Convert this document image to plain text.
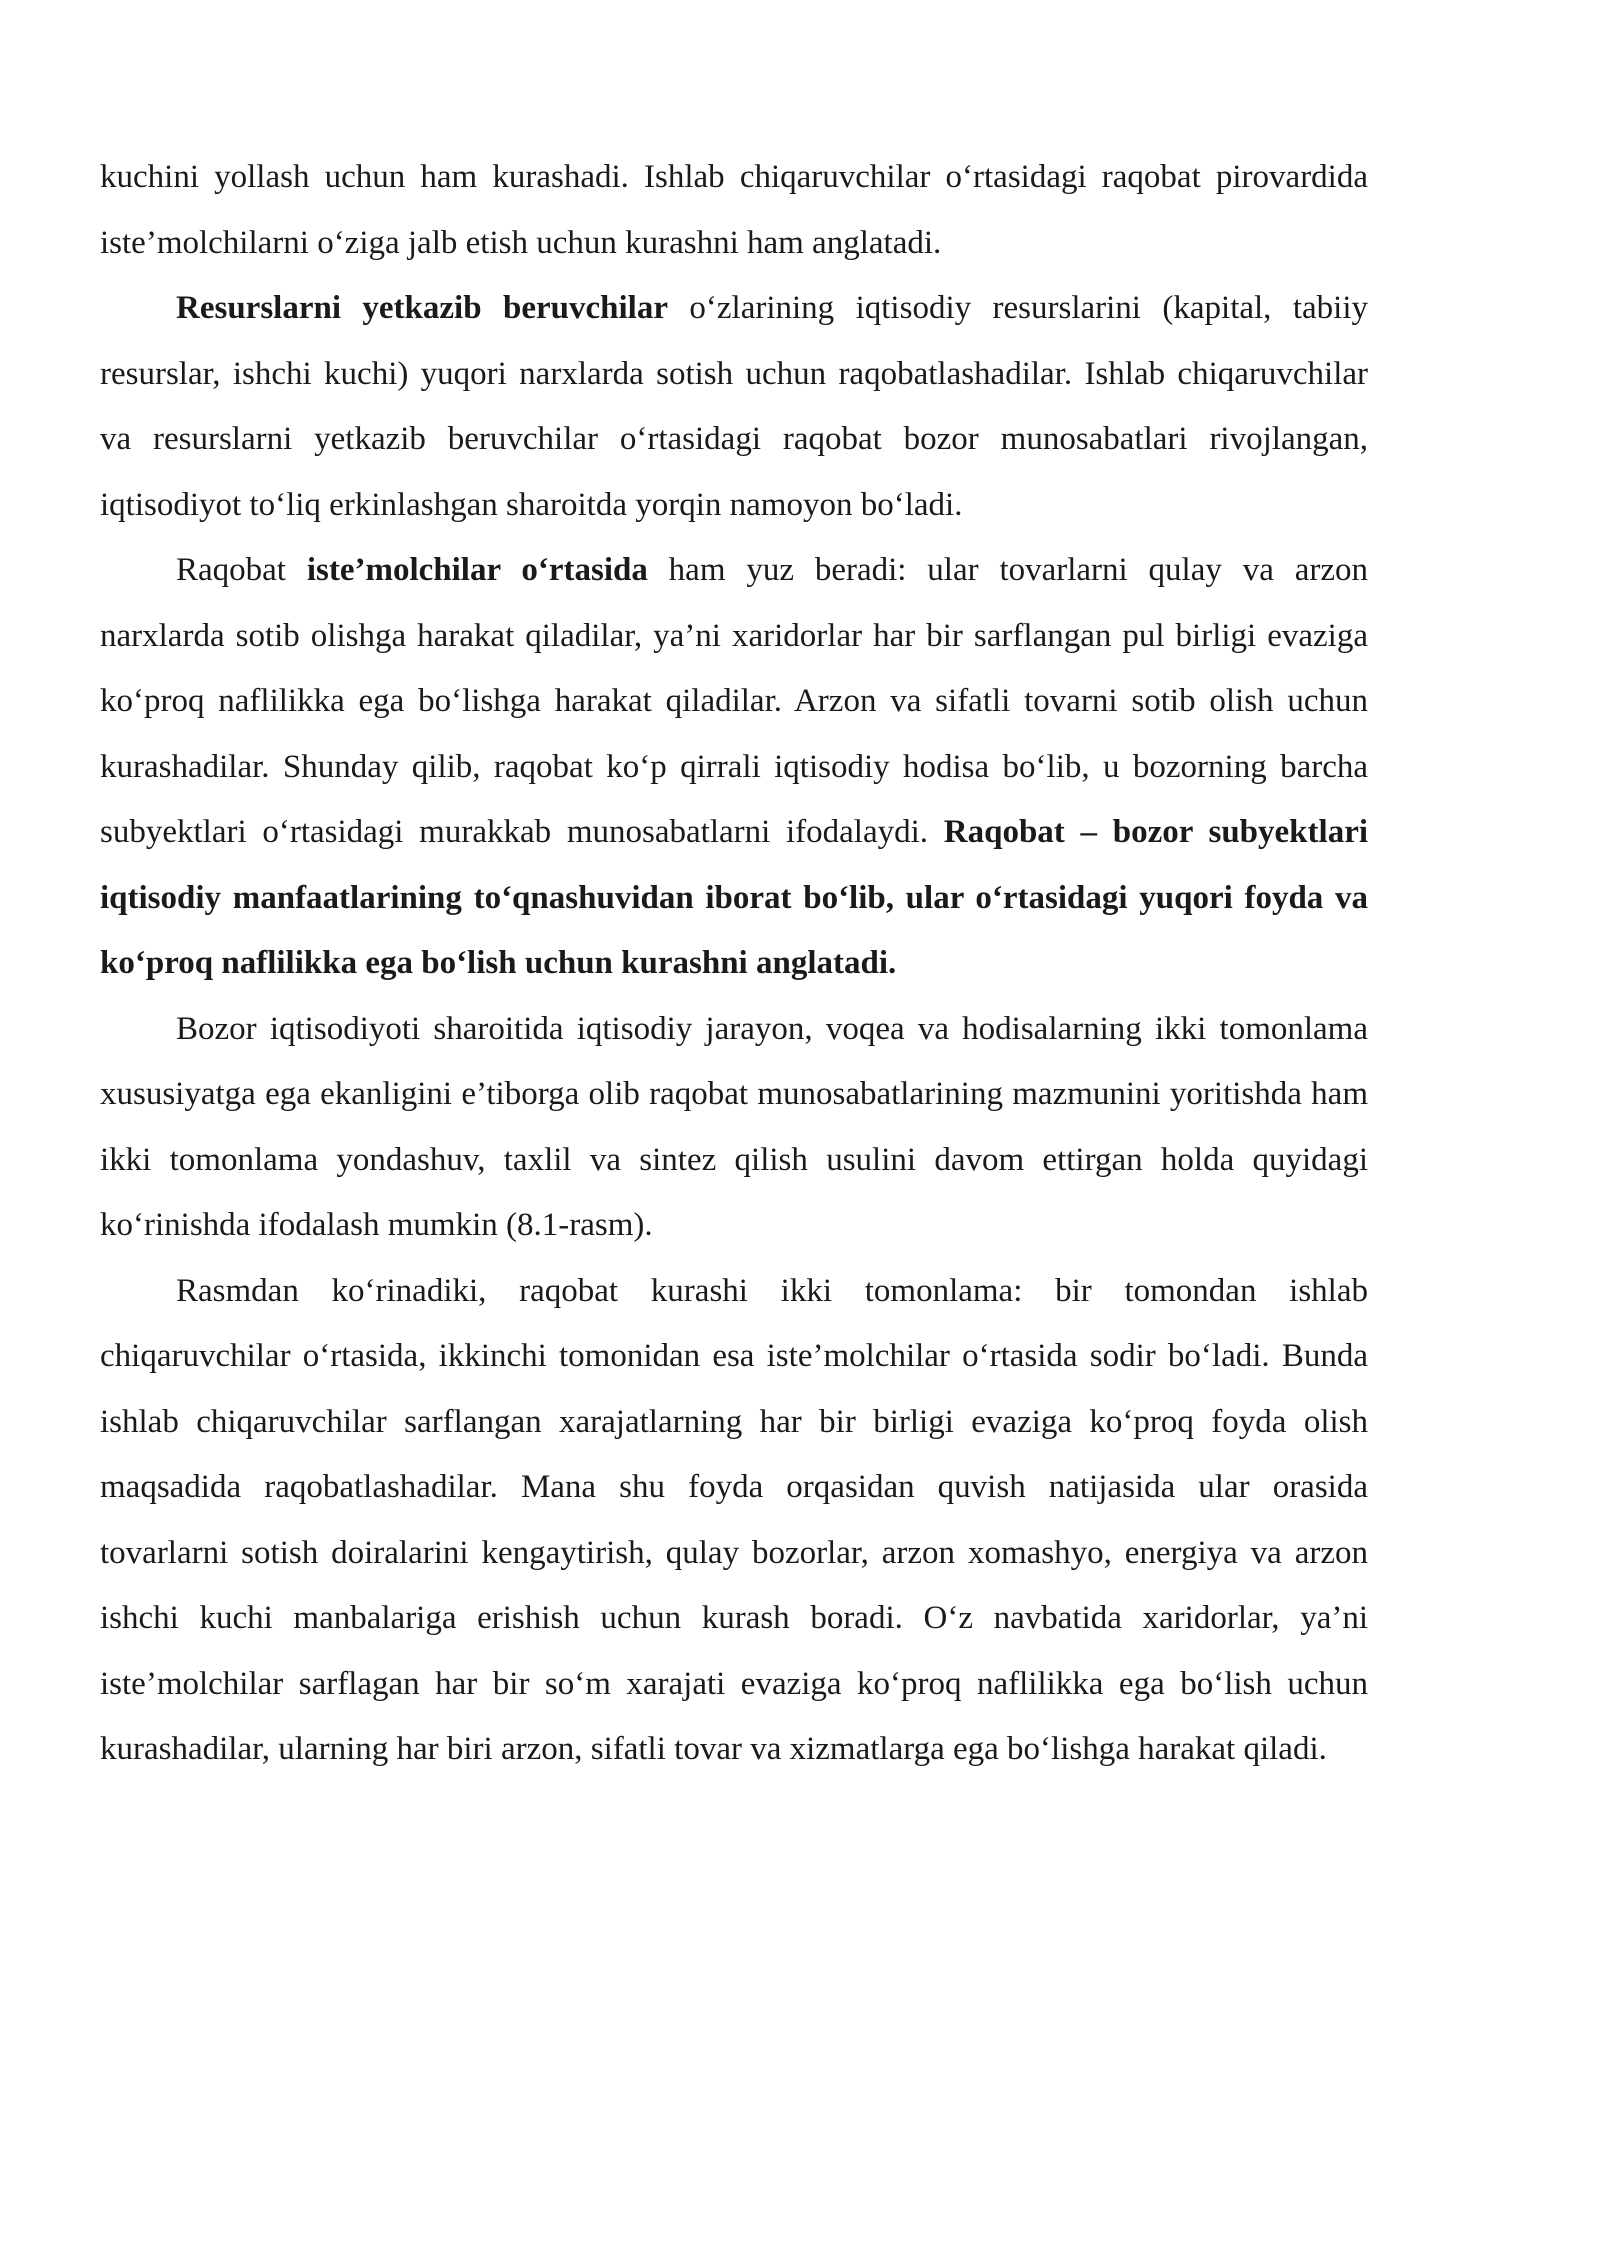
kuchini yollash uchun ham kurashadi. Ishlab chiqaruvchilar o‘rtasidagi raqobat pirovardida iste’molchilarni o‘ziga jalb etish uchun kurashni ham anglatadi.

Resurslarni yetkazib beruvchilar o‘zlarining iqtisodiy resurslarini (kapital, tabiiy resurslar, ishchi kuchi) yuqori narxlarda sotish uchun raqobatlashadilar. Ishlab chiqaruvchilar va resurslarni yetkazib beruvchilar o‘rtasidagi raqobat bozor munosabatlari rivojlangan, iqtisodiyot to‘liq erkinlashgan sharoitda yorqin namoyon bo‘ladi.

Raqobat iste’molchilar o‘rtasida ham yuz beradi: ular tovarlarni qulay va arzon narxlarda sotib olishga harakat qiladilar, ya’ni xaridorlar har bir sarflangan pul birligi evaziga ko‘proq naflilikka ega bo‘lishga harakat qiladilar. Arzon va sifatli tovarni sotib olish uchun kurashadilar. Shunday qilib, raqobat ko‘p qirrali iqtisodiy hodisa bo‘lib, u bozorning barcha subyektlari o‘rtasidagi murakkab munosabatlarni ifodalaydi. Raqobat – bozor subyektlari iqtisodiy manfaatlarining to‘qnashuvidan iborat bo‘lib, ular o‘rtasidagi yuqori foyda va ko‘proq naflilikka ega bo‘lish uchun kurashni anglatadi.

Bozor iqtisodiyoti sharoitida iqtisodiy jarayon, voqea va hodisalarning ikki tomonlama xususiyatga ega ekanligini e’tiborga olib raqobat munosabatlarining mazmunini yoritishda ham ikki tomonlama yondashuv, taxlil va sintez qilish usulini davom ettirgan holda quyidagi ko‘rinishda ifodalash mumkin (8.1-rasm).

Rasmdan ko‘rinadiki, raqobat kurashi ikki tomonlama: bir tomondan ishlab chiqaruvchilar o‘rtasida, ikkinchi tomonidan esa iste’molchilar o‘rtasida sodir bo‘ladi. Bunda ishlab chiqaruvchilar sarflangan xarajatlarning har bir birligi evaziga ko‘proq foyda olish maqsadida raqobatlashadilar. Mana shu foyda orqasidan quvish natijasida ular orasida tovarlarni sotish doiralarini kengaytirish, qulay bozorlar, arzon xomashyo, energiya va arzon ishchi kuchi manbalariga erishish uchun kurash boradi. O‘z navbatida xaridorlar, ya’ni iste’molchilar sarflagan har bir so‘m xarajati evaziga ko‘proq naflilikka ega bo‘lish uchun kurashadilar, ularning har biri arzon, sifatli tovar va xizmatlarga ega bo‘lishga harakat qiladi.
